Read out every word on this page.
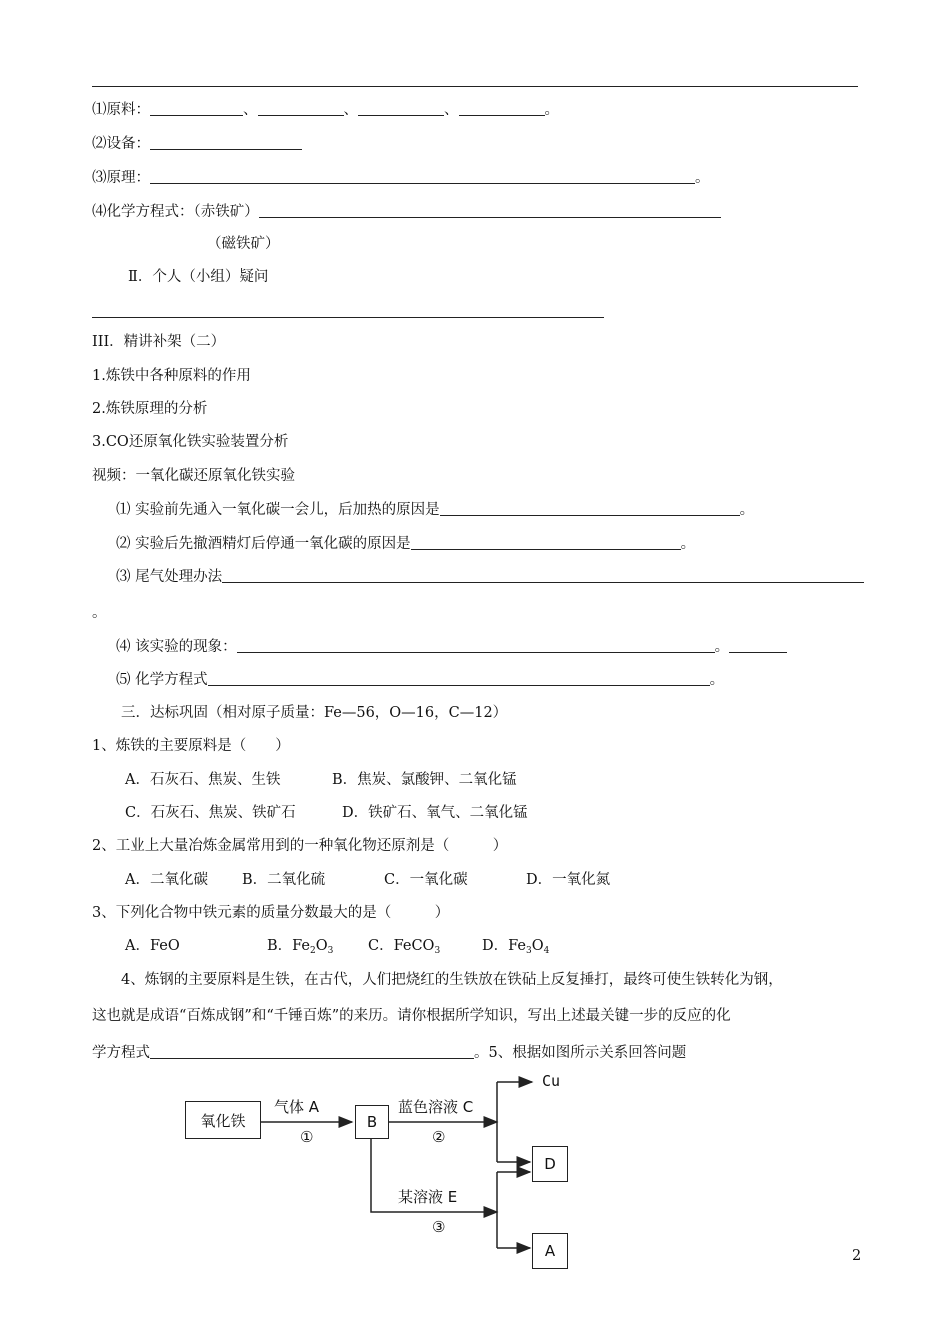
⑴原料：	、	、	、	。
⑵设备：
⑶原理：	。
⑷化学方程式：（赤铁矿）
（磁铁矿）
Ⅱ．个人（小组）疑问
III．精讲补架（二）
1.炼铁中各种原料的作用
2.炼铁原理的分析
3.CO还原氧化铁实验装置分析
视频：一氧化碳还原氧化铁实验
⑴ 实验前先通入一氧化碳一会儿，后加热的原因是	。
⑵ 实验后先撤酒精灯后停通一氧化碳的原因是	。
⑶ 尾气处理办法
。
⑷ 该实验的现象：	。
⑸ 化学方程式	。
三．达标巩固（相对原子质量：Fe—56，O—16，C—12）
1、炼铁的主要原料是（　　）
A．石灰石、焦炭、生铁	B．焦炭、氯酸钾、二氧化锰
C．石灰石、焦炭、铁矿石	D．铁矿石、氧气、二氧化锰
2、工业上大量冶炼金属常用到的一种氧化物还原剂是（　　　）
A．二氧化碳 B．二氧化硫	C．一氧化碳	D．一氧化氮
3、下列化合物中铁元素的质量分数最大的是（　　　）
A．FeO	B．$Fe_2O_3$ C．FeCO$_3$	D．$Fe_3O_4$
4、炼钢的主要原料是生铁，在古代，人们把烧红的生铁放在铁砧上反复捶打，最终可使生铁转化为钢，
这也就是成语“百炼成钢”和“千锤百炼”的来历。请你根据所学知识，写出上述最关键一步的反应的化
学方程式	。5、根据如图所示关系回答问题
氧化铁
气体 A
①
B
蓝色溶液 C
②
Cu
D
某溶液 E
③
A	2
